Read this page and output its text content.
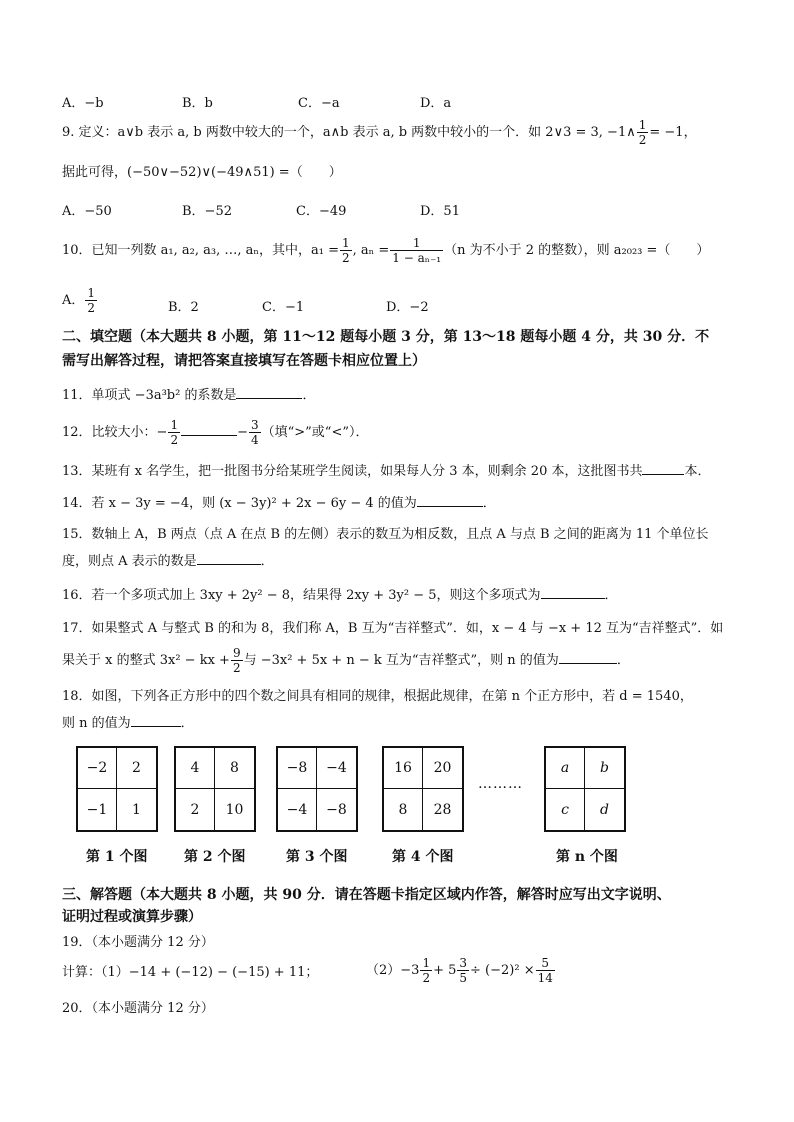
A．−b	B．b	C．−a	D．a
9. 定义：a∨b 表示 a, b 两数中较大的一个，a∧b 表示 a, b 两数中较小的一个．如 2∨3 = 3, −1∧ $\frac{1}{2} = -1$，
据此可得，(−50∨−52)∨(−49∧51) =（　　）
A．−50	B．−52	C．−49	D．51
10．已知一列数 a₁, a₂, a₃, …, aₙ，其中，$a_1 = \frac{1}{2}$ , $a_n = \frac{1}{\text{1 − aₙ₋₁}} (n$ 为不小于 2 的整数），则 a₂₀₂₃ =（　　）
A． $\frac{1}{2}$	B．2	C．−1	D．−2
二、填空题（本大题共 8 小题，第 11～12 题每小题 3 分，第 13～18 题每小题 4 分，共 30 分．不
需写出解答过程，请把答案直接填写在答题卡相应位置上）
11．单项式 −3a³b² 的系数是	．
12．比较大小：− $\frac{1}{2}$	− $\frac{3}{4}$ （填“>”或“<”）．
13．某班有 x 名学生，把一批图书分给某班学生阅读，如果每人分 3 本，则剩余 20 本，这批图书共	本．
14．若 x − 3y = −4，则 (x − 3y)² + 2x − 6y − 4 的值为	．
15．数轴上 A，B 两点（点 A 在点 B 的左侧）表示的数互为相反数，且点 A 与点 B 之间的距离为 11 个单位长
度，则点 A 表示的数是	．
16．若一个多项式加上 3xy + 2y² − 8，结果得 2xy + 3y² − 5，则这个多项式为	．
17．如果整式 A 与整式 B 的和为 8，我们称 A，B 互为“吉祥整式”．如，x − 4 与 −x + 12 互为“吉祥整式”．如
果关于 x 的整式 3x² − kx + $\frac{9}{2}$ 与 −3x² + 5x + n − k 互为“吉祥整式”，则 n 的值为	．
18．如图，下列各正方形中的四个数之间具有相同的规律，根据此规律，在第 n 个正方形中，若 d = 1540，
则 n 的值为	．
−2	2
−1	1
4	8
2	10
−8	−4
−4	−8
16	20
8	28
………
a b
c d
第 1 个图	第 2 个图	第 3 个图	第 4 个图	第 n 个图
三、解答题（本大题共 8 小题，共 90 分．请在答题卡指定区域内作答，解答时应写出文字说明、
证明过程或演算步骤）
19．（本小题满分 12 分）
计算：（1）−14 + (−12) − (−15) + 11；	$(2)-3 \frac{1}{2} + 5 \frac{3}{5} \div (-2)^2 \times \frac{5}{14}$
20．（本小题满分 12 分）
